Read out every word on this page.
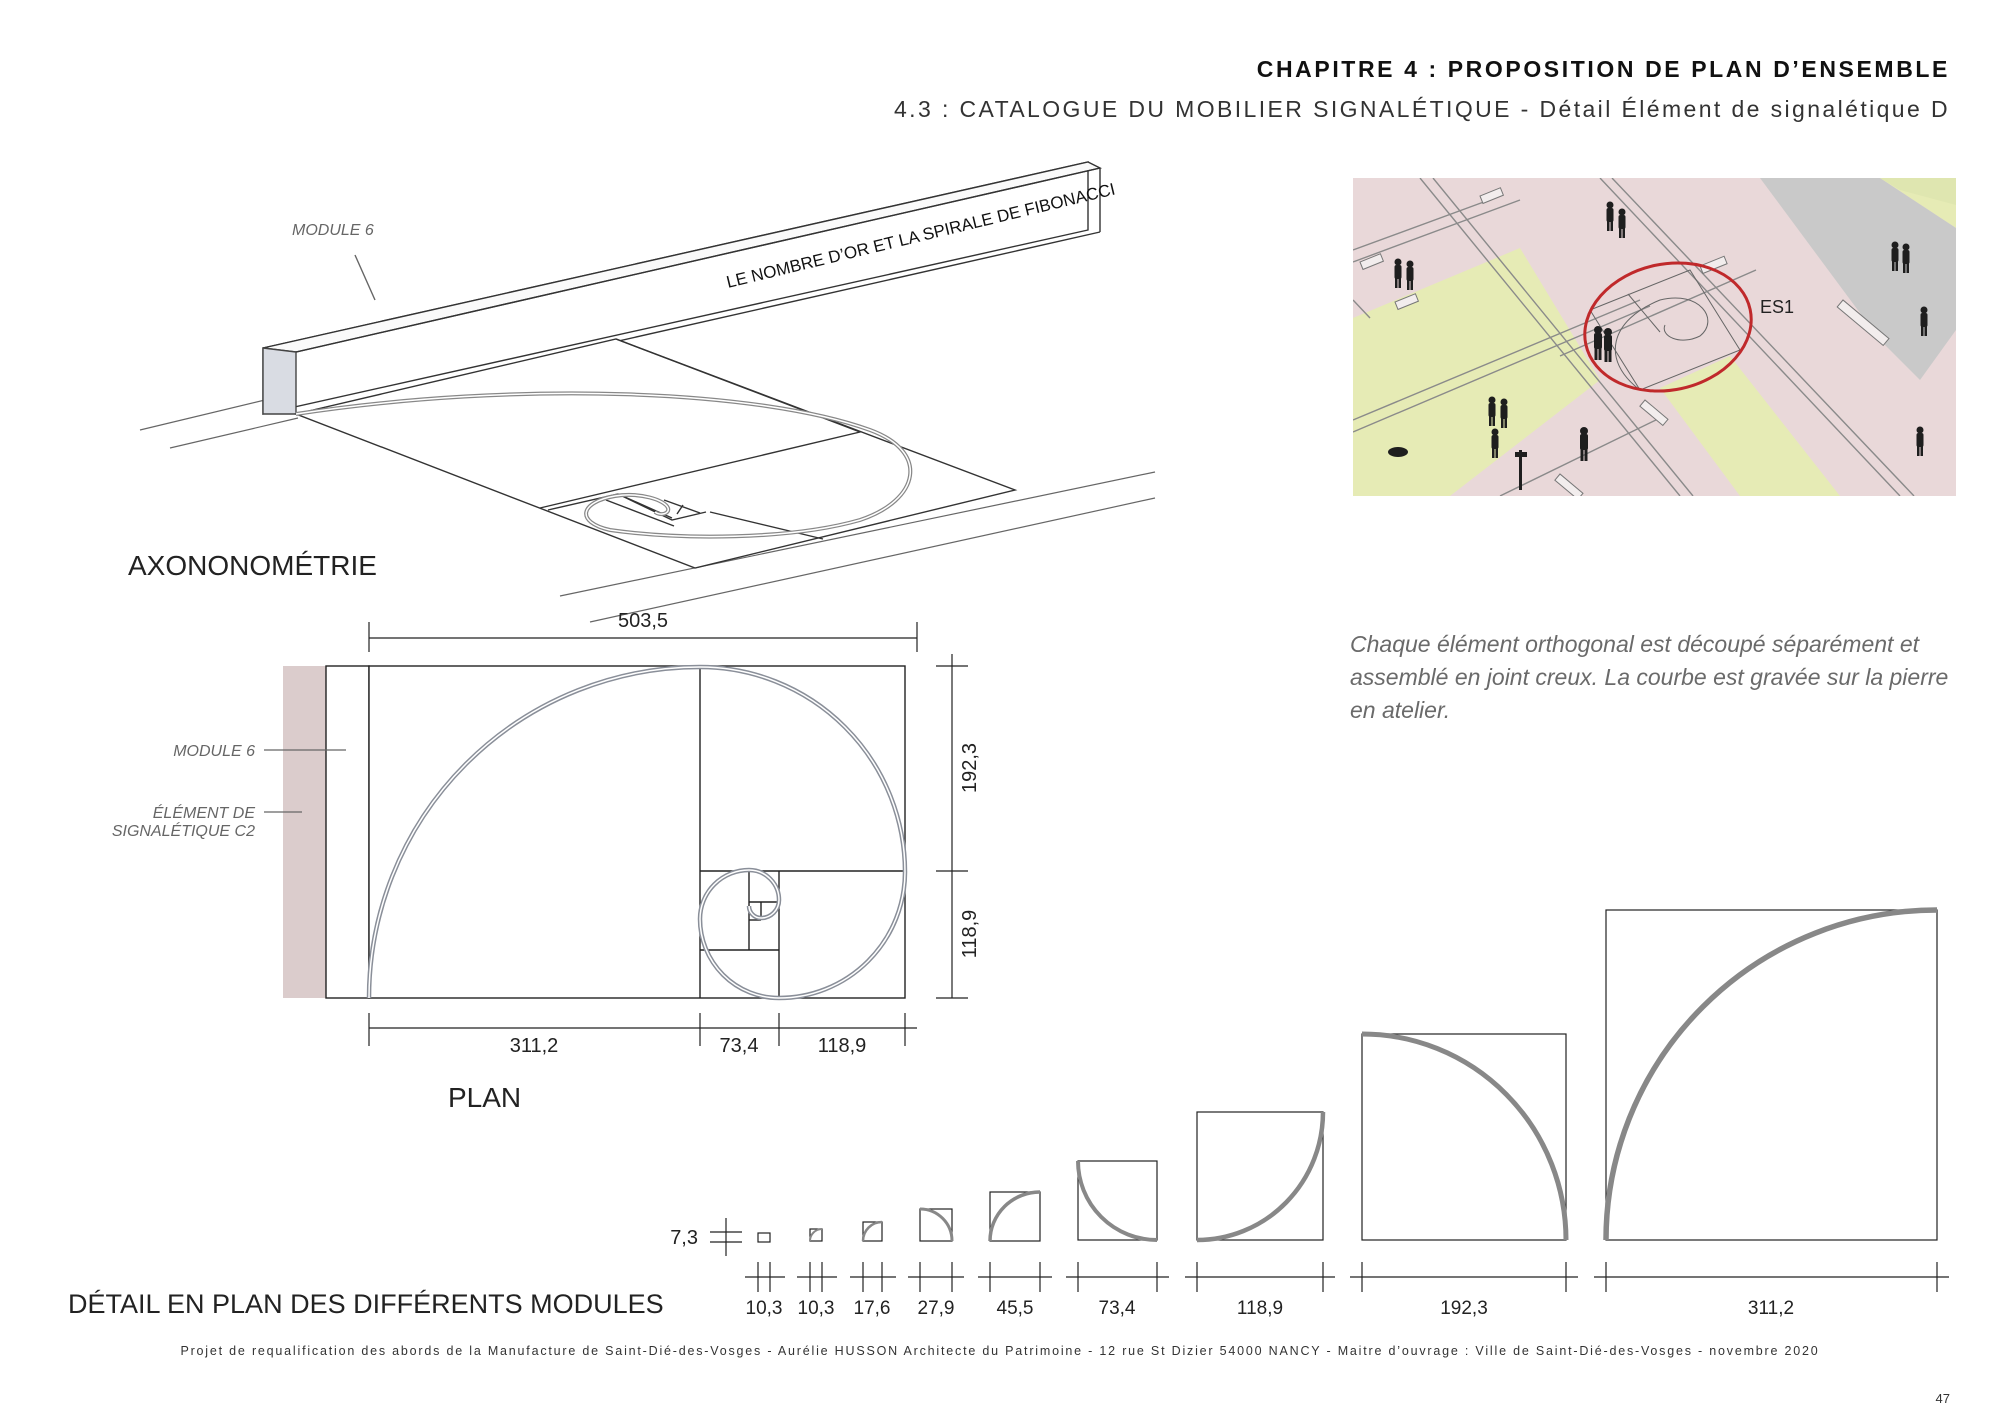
CHAPITRE 4 : PROPOSITION DE PLAN D’ENSEMBLE
4.3 : CATALOGUE DU MOBILIER SIGNALÉTIQUE - Détail Élément de signalétique D
MODULE 6	LE NOMBRE D’OR ET LA SPIRALE DE FIBONACCI
AXONONOMÉTRIE
503,5
311,2	73,4	118,9
192,3
118,9
MODULE 6
ÉLÉMENT DE
SIGNALÉTIQUE C2
PLAN
ES1
7,3
10,3 10,3 17,6 27,9 45,5	73,4	118,9	192,3	311,2
DÉTAIL EN PLAN DES DIFFÉRENTS MODULES

Chaque élément orthogonal est découpé séparément et assemblé en joint creux. La courbe est gravée sur la pierre en atelier.

Projet de requalification des abords de la Manufacture de Saint-Dié-des-Vosges - Aurélie HUSSON Architecte du Patrimoine - 12 rue St Dizier 54000 NANCY - Maitre d’ouvrage : Ville de Saint-Dié-des-Vosges - novembre 2020
47
